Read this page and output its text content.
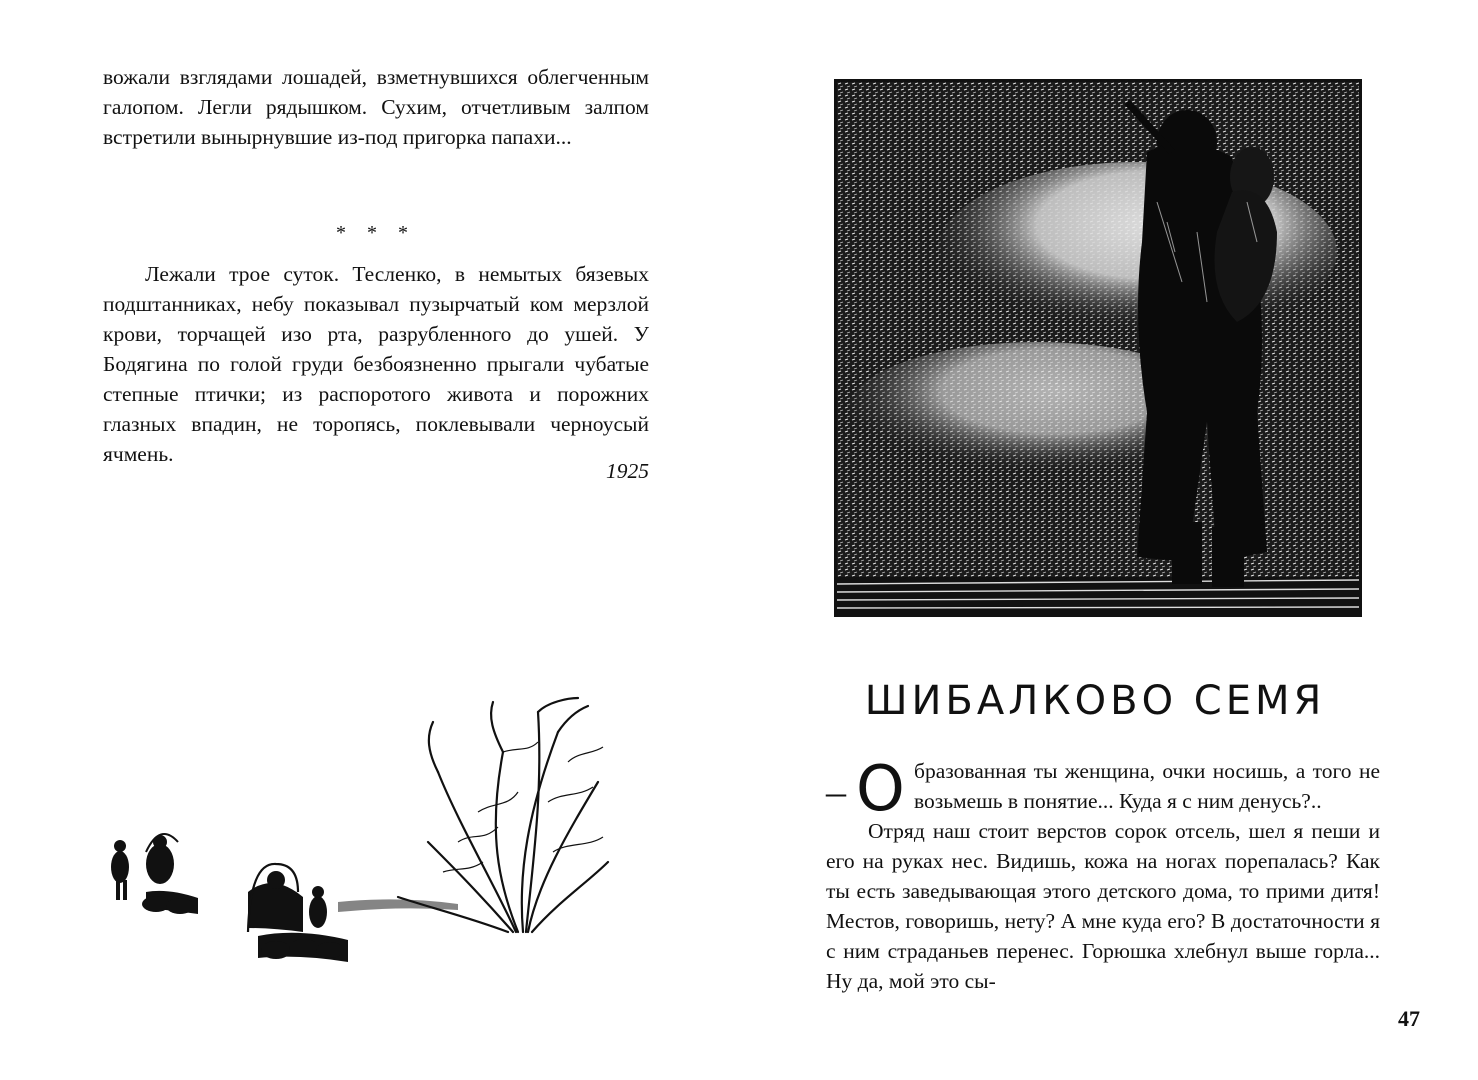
вожали взглядами лошадей, взметнувшихся облегченным галопом. Легли рядышком. Сухим, отчетливым залпом встретили вынырнувшие из-под пригорка папахи...

* * *

Лежали трое суток. Тесленко, в немытых бязевых подштанниках, небу показывал пузырчатый ком мерзлой крови, торчащей изо рта, разрубленного до ушей. У Бодягина по голой груди безбоязненно прыгали чубатые степные птички; из распоротого живота и порожних глазных впадин, не торопясь, поклевывали черноусый ячмень.

1925
ШИБАЛКОВО СЕМЯ
– О бразованная ты женщина, очки носишь, а того не возьмешь в понятие... Куда я с ним денусь?..

Отряд наш стоит верстов сорок отсель, шел я пеши и его на руках нес. Видишь, кожа на ногах порепалась? Как ты есть заведывающая этого детского дома, то прими дитя! Местов, говоришь, нету? А мне куда его? В достаточности я с ним страданьев перенес. Горюшка хлебнул выше горла... Ну да, мой это сы-

47
